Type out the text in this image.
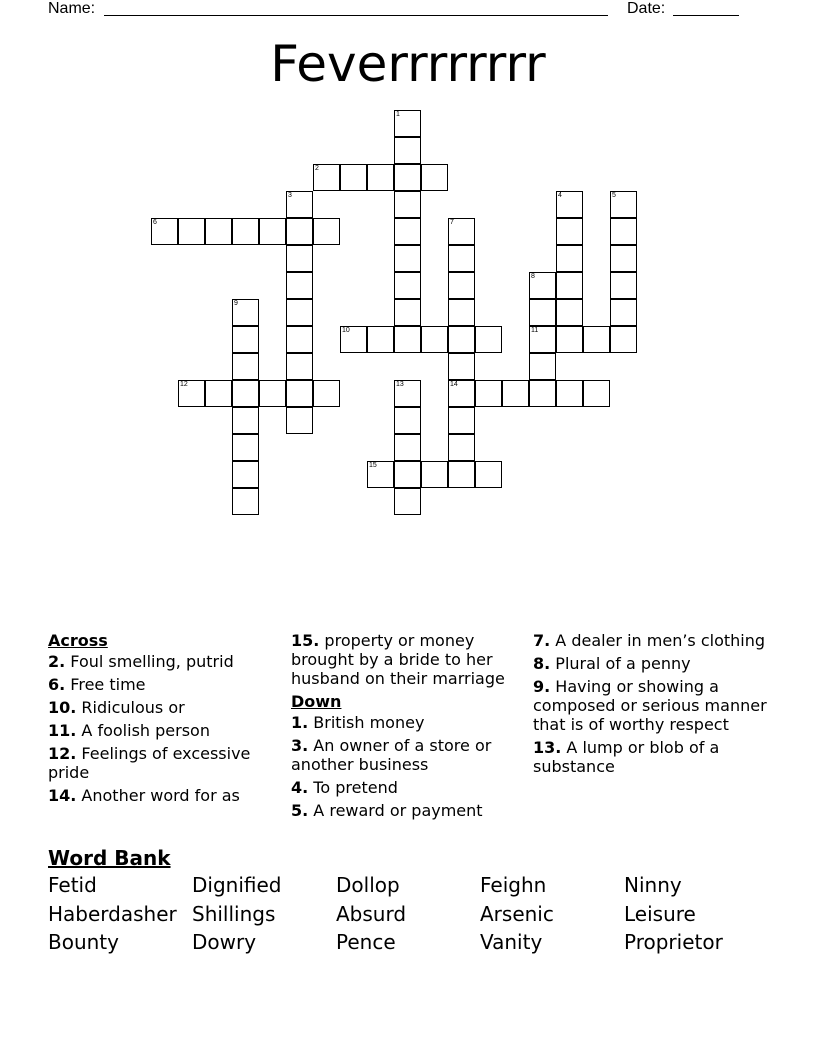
Name:	Date:
Feverrrrrrrr
1
2
3	4	5
6	7
8
9
10	11
12	13	14
15
Across
2. Foul smelling, putrid
6. Free time
10. Ridiculous or
11. A foolish person
12. Feelings of excessive pride
14. Another word for as
15. property or money brought by a bride to her husband on their marriage
Down
1. British money
3. An owner of a store or another business
4. To pretend
5. A reward or payment
7. A dealer in men’s clothing
8. Plural of a penny
9. Having or showing a composed or serious manner that is of worthy respect
13. A lump or blob of a substance
Word Bank
Fetid	Dignified	Dollop	Feighn	Ninny
Haberdasher Shillings	Absurd	Arsenic	Leisure
Bounty	Dowry	Pence	Vanity	Proprietor
